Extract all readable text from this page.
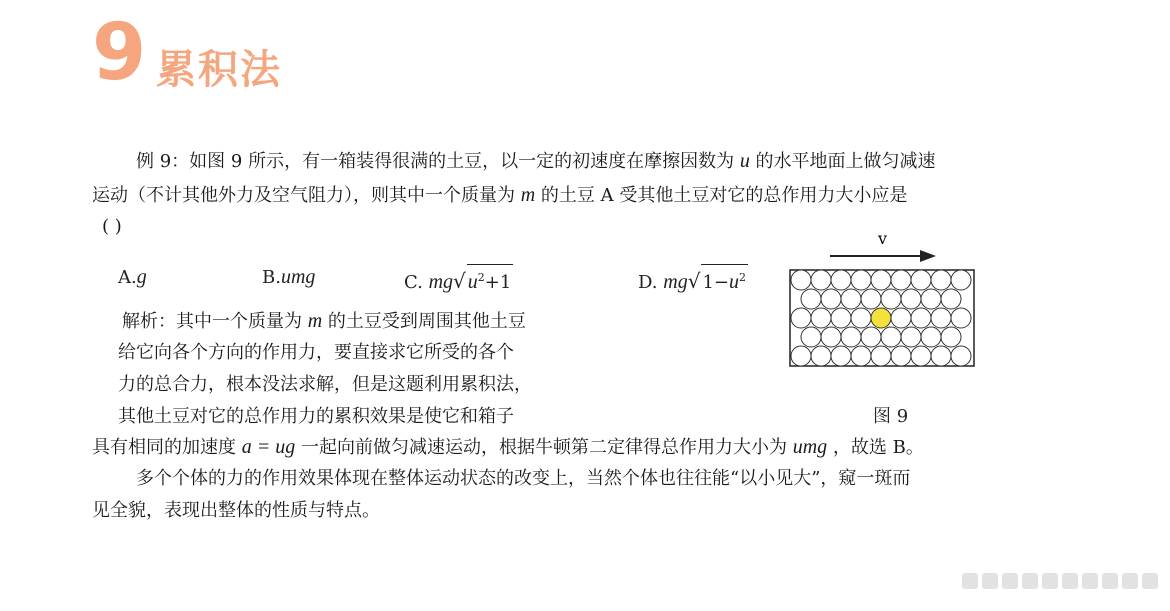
9 累积法
例 9：如图 9 所示，有一箱装得很满的土豆，以一定的初速度在摩擦因数为 u 的水平地面上做匀减速
运动（不计其他外力及空气阻力），则其中一个质量为 m 的土豆 A 受其他土豆对它的总作用力大小应是
( )
A.g	B.umg	C. mg√ $u^2+1$	D. mg√ $1-u^2$
v
图 9
解析：其中一个质量为 m 的土豆受到周围其他土豆
给它向各个方向的作用力，要直接求它所受的各个
力的总合力，根本没法求解，但是这题利用累积法，
其他土豆对它的总作用力的累积效果是使它和箱子
具有相同的加速度 a = ug 一起向前做匀减速运动，根据牛顿第二定律得总作用力大小为 umg ，故选 B。
多个个体的力的作用效果体现在整体运动状态的改变上，当然个体也往往能“以小见大”，窥一斑而
见全貌，表现出整体的性质与特点。
